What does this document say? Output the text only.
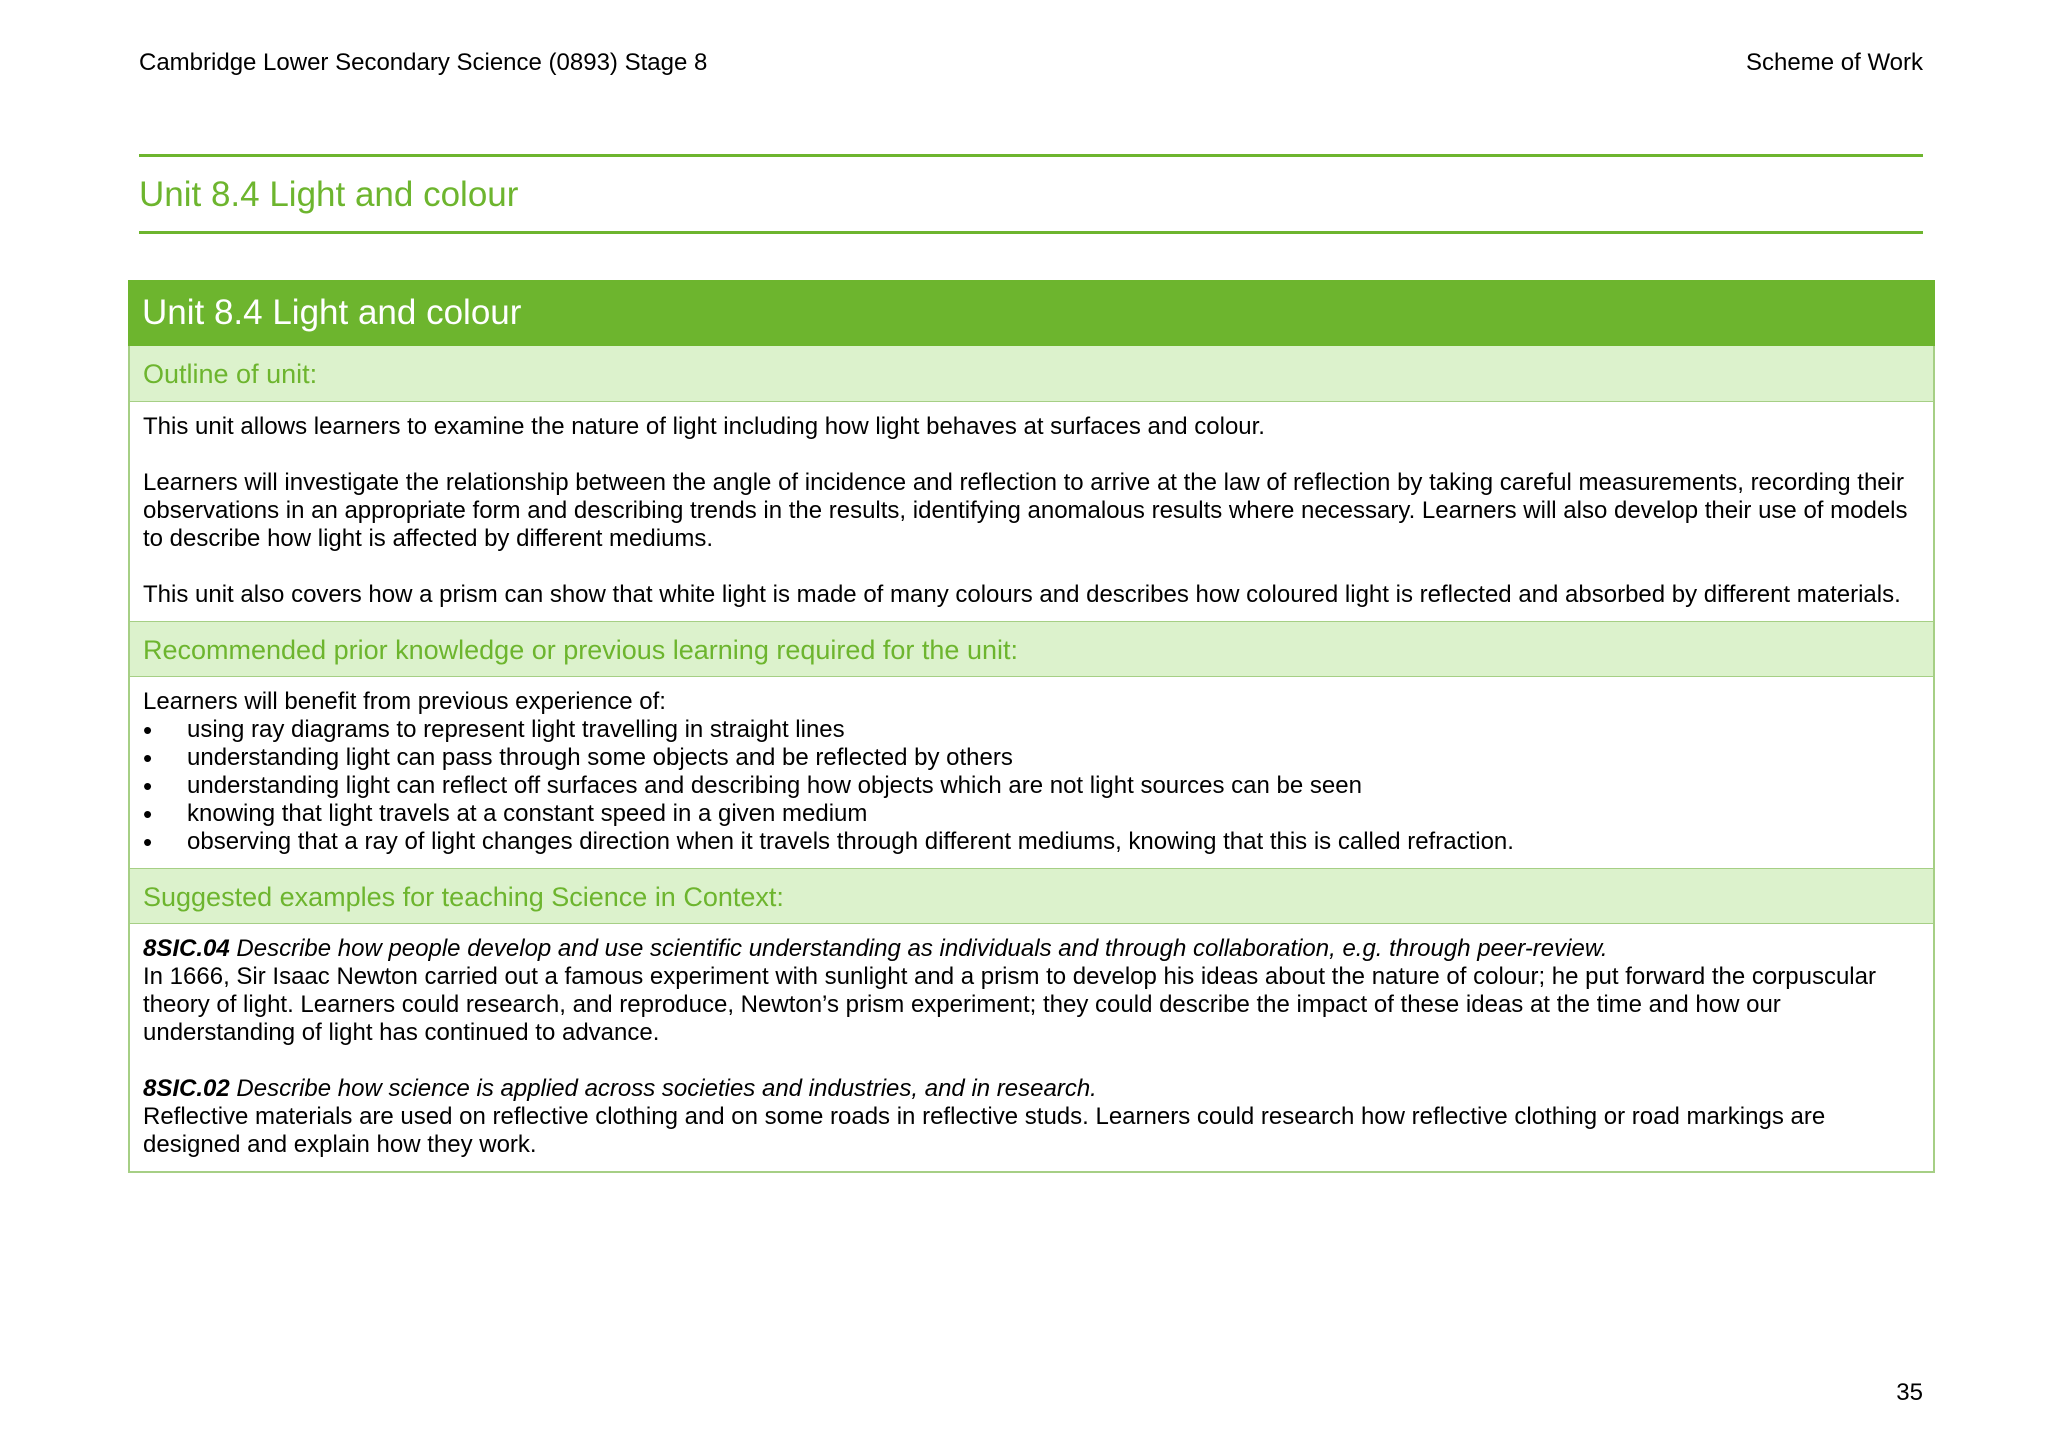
Cambridge Lower Secondary Science (0893) Stage 8	Scheme of Work
Unit 8.4 Light and colour
Unit 8.4 Light and colour
Outline of unit:

This unit allows learners to examine the nature of light including how light behaves at surfaces and colour.

Learners will investigate the relationship between the angle of incidence and reflection to arrive at the law of reflection by taking careful measurements, recording their observations in an appropriate form and describing trends in the results, identifying anomalous results where necessary. Learners will also develop their use of models to describe how light is affected by different mediums.

This unit also covers how a prism can show that white light is made of many colours and describes how coloured light is reflected and absorbed by different materials.

Recommended prior knowledge or previous learning required for the unit:

Learners will benefit from previous experience of:

• using ray diagrams to represent light travelling in straight lines
• understanding light can pass through some objects and be reflected by others
• understanding light can reflect off surfaces and describing how objects which are not light sources can be seen
• knowing that light travels at a constant speed in a given medium
• observing that a ray of light changes direction when it travels through different mediums, knowing that this is called refraction.
Suggested examples for teaching Science in Context:

8SIC.04 Describe how people develop and use scientific understanding as individuals and through collaboration, e.g. through peer-review.

In 1666, Sir Isaac Newton carried out a famous experiment with sunlight and a prism to develop his ideas about the nature of colour; he put forward the corpuscular theory of light. Learners could research, and reproduce, Newton’s prism experiment; they could describe the impact of these ideas at the time and how our understanding of light has continued to advance.

8SIC.02 Describe how science is applied across societies and industries, and in research.

Reflective materials are used on reflective clothing and on some roads in reflective studs. Learners could research how reflective clothing or road markings are designed and explain how they work.

35
